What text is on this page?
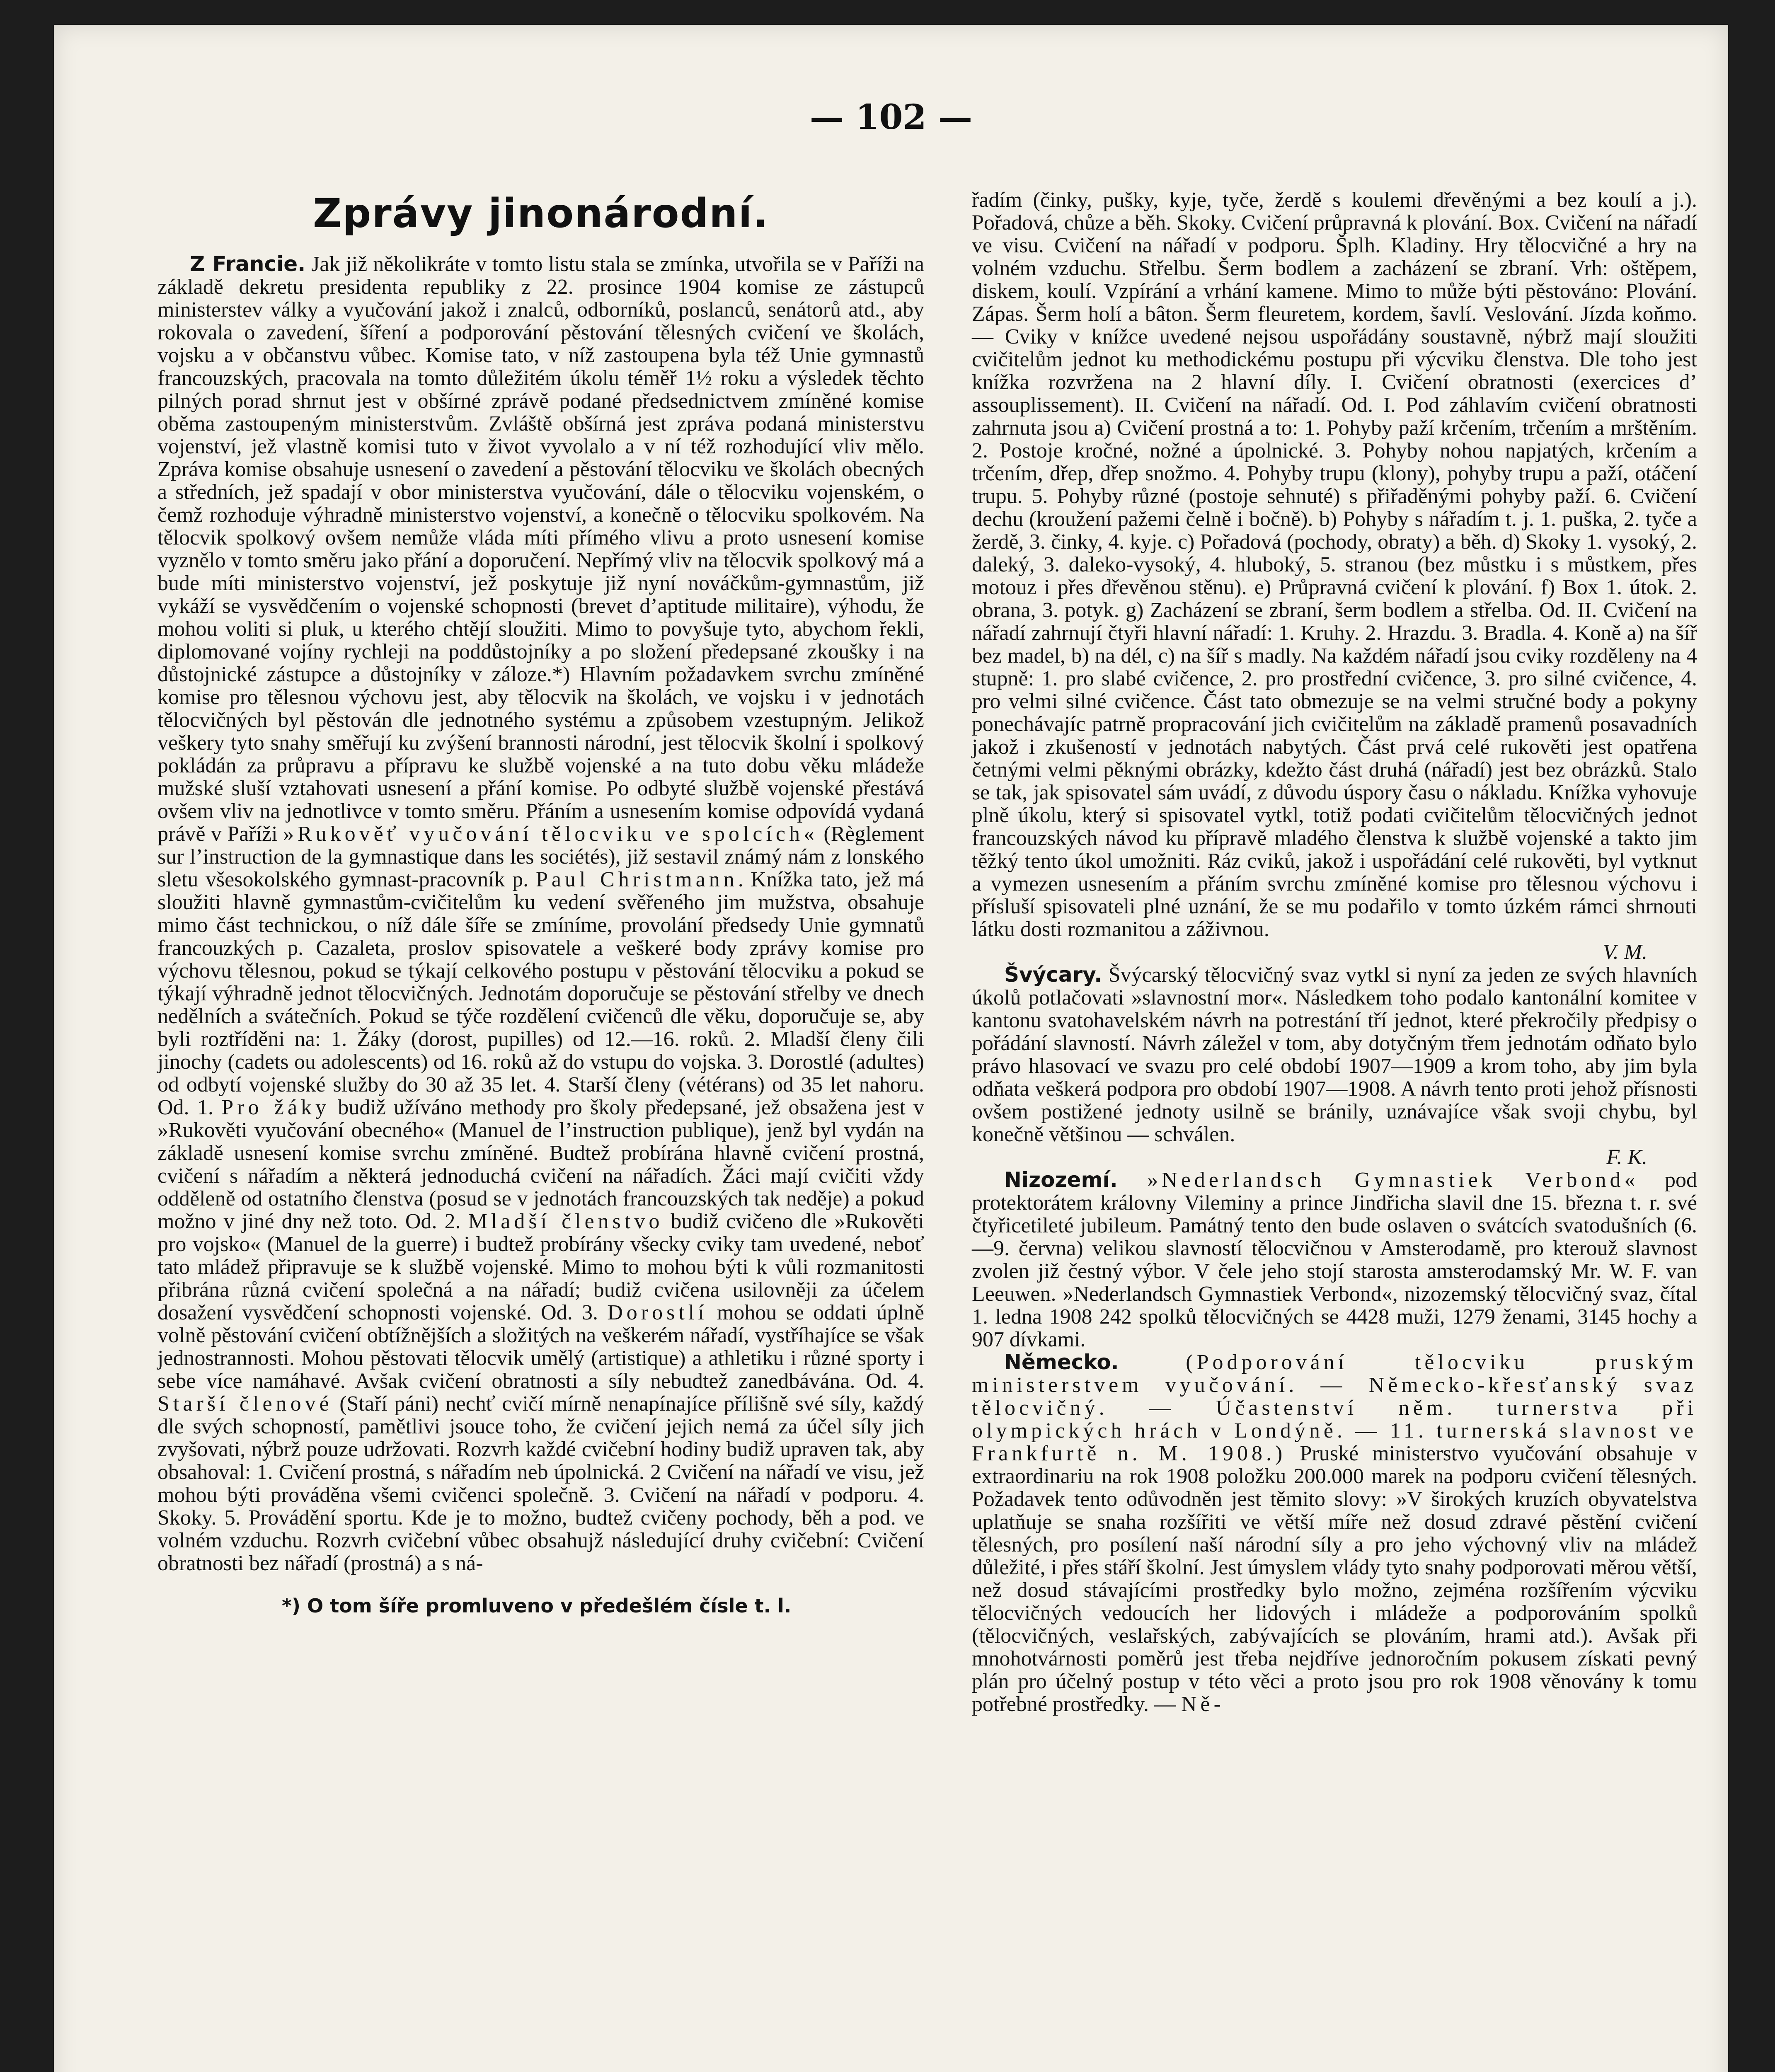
— 102 —
Zprávy jinonárodní.

Z Francie. Jak již několikráte v tomto listu stala se zmínka, utvořila se v Paříži na základě dekretu presidenta republiky z 22. prosince 1904 komise ze zástupců ministerstev války a vyučování jakož i znalců, odborníků, poslanců, senátorů atd., aby rokovala o zavedení, šíření a podporování pěstování tělesných cvičení ve školách, vojsku a v občanstvu vůbec. Komise tato, v níž zastoupena byla též Unie gymnastů francouzských, pracovala na tomto důležitém úkolu téměř 1½ roku a výsledek těchto pilných porad shrnut jest v obšírné zprávě podané předsednictvem zmíněné komise oběma zastoupeným ministerstvům. Zvláště obšírná jest zpráva podaná ministerstvu vojenství, jež vlastně komisi tuto v život vyvolalo a v ní též rozhodující vliv mělo. Zpráva komise obsahuje usnesení o zavedení a pěstování tělocviku ve školách obecných a středních, jež spadají v obor ministerstva vyučování, dále o tělocviku vojenském, o čemž rozhoduje výhradně ministerstvo vojenství, a konečně o tělocviku spolkovém. Na tělocvik spolkový ovšem nemůže vláda míti přímého vlivu a proto usnesení komise vyznělo v tomto směru jako přání a doporučení. Nepřímý vliv na tělocvik spolkový má a bude míti ministerstvo vojenství, jež poskytuje již nyní nováčkům-gymnastům, již vykáží se vysvědčením o vojenské schopnosti (brevet d’aptitude militaire), výhodu, že mohou voliti si pluk, u kterého chtějí sloužiti. Mimo to povyšuje tyto, abychom řekli, diplomované vojíny rychleji na poddůstojníky a po složení předepsané zkoušky i na důstojnické zástupce a důstojníky v záloze.*) Hlavním požadavkem svrchu zmíněné komise pro tělesnou výchovu jest, aby tělocvik na školách, ve vojsku i v jednotách tělocvičných byl pěstován dle jednotného systému a způsobem vzestupným. Jelikož veškery tyto snahy směřují ku zvýšení brannosti národní, jest tělocvik školní i spolkový pokládán za průpravu a přípravu ke službě vojenské a na tuto dobu věku mládeže mužské sluší vztahovati usnesení a přání komise. Po odbyté službě vojenské přestává ovšem vliv na jednotlivce v tomto směru. Přáním a usnesením komise odpovídá vydaná právě v Paříži »Rukověť vyučování tělocviku ve spolcích« (Règlement sur l’instruction de la gymnastique dans les sociétés), již sestavil známý nám z lonského sletu všesokolského gymnast-pracovník p. Paul Christmann. Knížka tato, jež má sloužiti hlavně gymnastům-cvičitelům ku vedení svěřeného jim mužstva, obsahuje mimo část technickou, o níž dále šíře se zmíníme, provolání předsedy Unie gymnatů francouzkých p. Cazaleta, proslov spisovatele a veškeré body zprávy komise pro výchovu tělesnou, pokud se týkají celkového postupu v pěstování tělocviku a pokud se týkají výhradně jednot tělocvičných. Jednotám doporučuje se pěstování střelby ve dnech nedělních a svátečních. Pokud se týče rozdělení cvičenců dle věku, doporučuje se, aby byli roztříděni na: 1. Žáky (dorost, pupilles) od 12.—16. roků. 2. Mladší členy čili jinochy (cadets ou adolescents) od 16. roků až do vstupu do vojska. 3. Dorostlé (adultes) od odbytí vojenské služby do 30 až 35 let. 4. Starší členy (vétérans) od 35 let nahoru. Od. 1. Pro žáky budiž užíváno methody pro školy předepsané, jež obsažena jest v »Rukověti vyučování obecného« (Manuel de l’instruction publique), jenž byl vydán na základě usnesení komise svrchu zmíněné. Budtež probírána hlavně cvičení prostná, cvičení s nářadím a některá jednoduchá cvičení na nářadích. Žáci mají cvičiti vždy odděleně od ostatního členstva (posud se v jednotách francouzských tak neděje) a pokud možno v jiné dny než toto. Od. 2. Mladší členstvo budiž cvičeno dle »Rukověti pro vojsko« (Manuel de la guerre) i budtež probírány všecky cviky tam uvedené, neboť tato mládež připravuje se k službě vojenské. Mimo to mohou býti k vůli rozmanitosti přibrána různá cvičení společná a na nářadí; budiž cvičena usilovněji za účelem dosažení vysvědčení schopnosti vojenské. Od. 3. Dorostlí mohou se oddati úplně volně pěstování cvičení obtížnějších a složitých na veškerém nářadí, vystříhajíce se však jednostrannosti. Mohou pěstovati tělocvik umělý (artistique) a athletiku i různé sporty i sebe více namáhavé. Avšak cvičení obratnosti a síly nebudtež zanedbávána. Od. 4. Starší členové (Staří páni) nechť cvičí mírně nenapínajíce přílišně své síly, každý dle svých schopností, pamětlivi jsouce toho, že cvičení jejich nemá za účel síly jich zvyšovati, nýbrž pouze udržovati. Rozvrh každé cvičební hodiny budiž upraven tak, aby obsahoval: 1. Cvičení prostná, s nářadím neb úpolnická. 2 Cvičení na nářadí ve visu, jež mohou býti prováděna všemi cvičenci společně. 3. Cvičení na nářadí v podporu. 4. Skoky. 5. Provádění sportu. Kde je to možno, budtež cvičeny pochody, běh a pod. ve volném vzduchu. Rozvrh cvičební vůbec obsahujž následující druhy cvičební: Cvičení obratnosti bez nářadí (prostná) a s ná-

*) O tom šíře promluveno v předešlém čísle t. l.

řadím (činky, pušky, kyje, tyče, žerdě s koulemi dřevěnými a bez koulí a j.). Pořadová, chůze a běh. Skoky. Cvičení průpravná k plování. Box. Cvičení na nářadí ve visu. Cvičení na nářadí v podporu. Šplh. Kladiny. Hry tělocvičné a hry na volném vzduchu. Střelbu. Šerm bodlem a zacházení se zbraní. Vrh: oštěpem, diskem, koulí. Vzpírání a vrhání kamene. Mimo to může býti pěstováno: Plování. Zápas. Šerm holí a bâton. Šerm fleuretem, kordem, šavlí. Veslování. Jízda koňmo. — Cviky v knížce uvedené nejsou uspořádány soustavně, nýbrž mají sloužiti cvičitelům jednot ku methodickému postupu při výcviku členstva. Dle toho jest knížka rozvržena na 2 hlavní díly. I. Cvičení obratnosti (exercices d’ assouplissement). II. Cvičení na nářadí. Od. I. Pod záhlavím cvičení obratnosti zahrnuta jsou a) Cvičení prostná a to: 1. Pohyby paží krčením, trčením a mrštěním. 2. Postoje kročné, nožné a úpolnické. 3. Pohyby nohou napjatých, krčením a trčením, dřep, dřep snožmo. 4. Pohyby trupu (klony), pohyby trupu a paží, otáčení trupu. 5. Pohyby různé (postoje sehnuté) s přiřaděnými pohyby paží. 6. Cvičení dechu (kroužení pažemi čelně i bočně). b) Pohyby s nářadím t. j. 1. puška, 2. tyče a žerdě, 3. činky, 4. kyje. c) Pořadová (pochody, obraty) a běh. d) Skoky 1. vysoký, 2. daleký, 3. daleko-vysoký, 4. hluboký, 5. stranou (bez můstku i s můstkem, přes motouz i přes dřevěnou stěnu). e) Průpravná cvičení k plování. f) Box 1. útok. 2. obrana, 3. potyk. g) Zacházení se zbraní, šerm bodlem a střelba. Od. II. Cvičení na nářadí zahrnují čtyři hlavní nářadí: 1. Kruhy. 2. Hrazdu. 3. Bradla. 4. Koně a) na šíř bez madel, b) na dél, c) na šíř s madly. Na každém nářadí jsou cviky rozděleny na 4 stupně: 1. pro slabé cvičence, 2. pro prostřední cvičence, 3. pro silné cvičence, 4. pro velmi silné cvičence. Část tato obmezuje se na velmi stručné body a pokyny ponechávajíc patrně propracování jich cvičitelům na základě pramenů posavadních jakož i zkušeností v jednotách nabytých. Část prvá celé rukověti jest opatřena četnými velmi pěknými obrázky, kdežto část druhá (nářadí) jest bez obrázků. Stalo se tak, jak spisovatel sám uvádí, z důvodu úspory času o nákladu. Knížka vyhovuje plně úkolu, který si spisovatel vytkl, totiž podati cvičitelům tělocvičných jednot francouzských návod ku přípravě mladého členstva k službě vojenské a takto jim těžký tento úkol umožniti. Ráz cviků, jakož i uspořádání celé rukověti, byl vytknut a vymezen usnesením a přáním svrchu zmíněné komise pro tělesnou výchovu i přísluší spisovateli plné uznání, že se mu podařilo v tomto úzkém rámci shrnouti látku dosti rozmanitou a záživnou.

V. M.

Švýcary. Švýcarský tělocvičný svaz vytkl si nyní za jeden ze svých hlavních úkolů potlačovati »slavnostní mor«. Následkem toho podalo kantonální komitee v kantonu svatohavelském návrh na potrestání tří jednot, které překročily předpisy o pořádání slavností. Návrh záležel v tom, aby dotyčným třem jednotám odňato bylo právo hlasovací ve svazu pro celé období 1907—1909 a krom toho, aby jim byla odňata veškerá podpora pro období 1907—1908. A návrh tento proti jehož přísnosti ovšem postižené jednoty usilně se bránily, uznávajíce však svoji chybu, byl konečně většinou — schválen.

F. K.

Nizozemí. »Nederlandsch Gymnastiek Verbond« pod protektorátem královny Vileminy a prince Jindřicha slavil dne 15. března t. r. své čtyřicetileté jubileum. Památný tento den bude oslaven o svátcích svatodušních (6.—9. června) velikou slavností tělocvičnou v Amsterodamě, pro kterouž slavnost zvolen již čestný výbor. V čele jeho stojí starosta amsterodamský Mr. W. F. van Leeuwen. »Nederlandsch Gymnastiek Verbond«, nizozemský tělocvičný svaz, čítal 1. ledna 1908 242 spolků tělocvičných se 4428 muži, 1279 ženami, 3145 hochy a 907 dívkami.

Německo. (Podporování tělocviku pruským ministerstvem vyučování. — Německo-křesťanský svaz tělocvičný. — Účastenství něm. turnerstva při olympických hrách v Londýně. — 11. turnerská slavnost ve Frankfurtě n. M. 1908.) Pruské ministerstvo vyučování obsahuje v extraordinariu na rok 1908 položku 200.000 marek na podporu cvičení tělesných. Požadavek tento odůvodněn jest těmito slovy: »V širokých kruzích obyvatelstva uplatňuje se snaha rozšířiti ve větší míře než dosud zdravé pěstění cvičení tělesných, pro posílení naší národní síly a pro jeho výchovný vliv na mládež důležité, i přes stáří školní. Jest úmyslem vlády tyto snahy podporovati měrou větší, než dosud stávajícími prostředky bylo možno, zejména rozšířením výcviku tělocvičných vedoucích her lidových i mládeže a podporováním spolků (tělocvičných, veslařských, zabývajících se plováním, hrami atd.). Avšak při mnohotvárnosti poměrů jest třeba nejdříve jednoročním pokusem získati pevný plán pro účelný postup v této věci a proto jsou pro rok 1908 věnovány k tomu potřebné prostředky. — Ně-
